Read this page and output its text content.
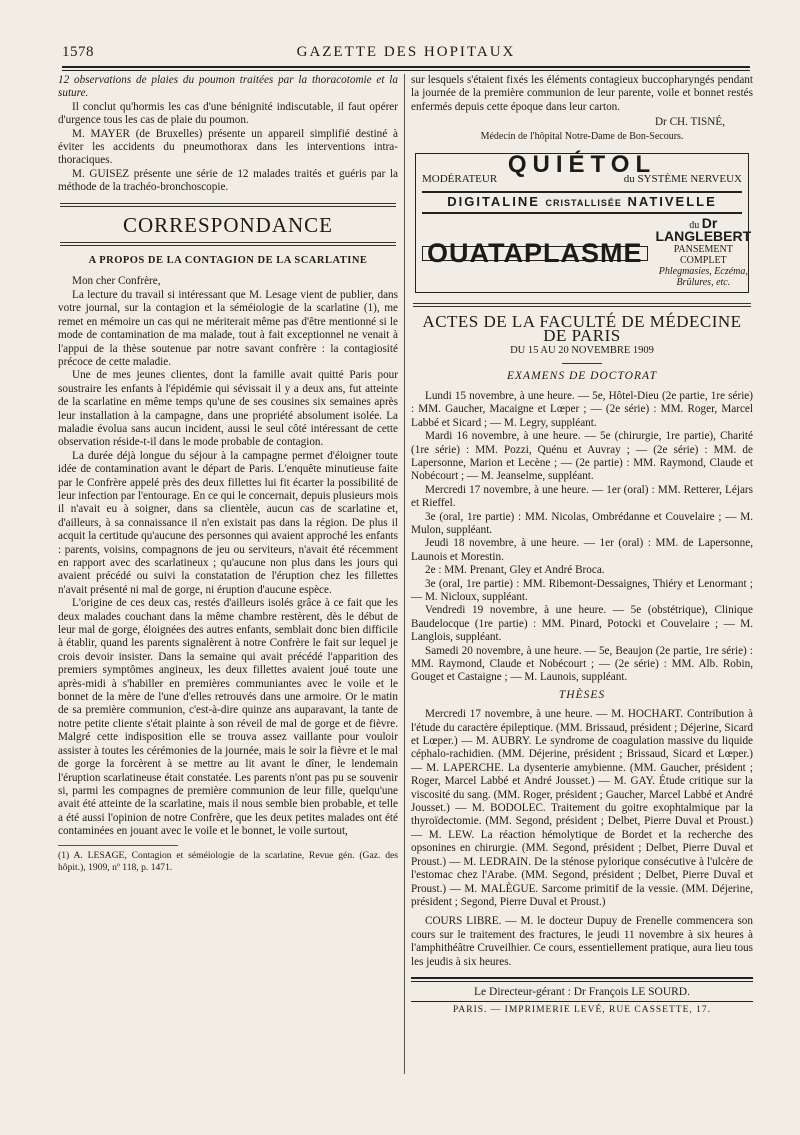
1578	GAZETTE DES HOPITAUX

12 observations de plaies du poumon traitées par la thoracotomie et la suture.

Il conclut qu'hormis les cas d'une bénignité indiscutable, il faut opérer d'urgence tous les cas de plaie du poumon.

M. MAYER (de Bruxelles) présente un appareil simplifié destiné à éviter les accidents du pneumothorax dans les interventions intra-thoraciques.

M. GUISEZ présente une série de 12 malades traités et guéris par la méthode de la trachéo-bronchoscopie.

CORRESPONDANCE
A PROPOS DE LA CONTAGION DE LA SCARLATINE

Mon cher Confrère,

La lecture du travail si intéressant que M. Lesage vient de publier, dans votre journal, sur la contagion et la séméiologie de la scarlatine (1), me remet en mémoire un cas qui ne mériterait même pas d'être mentionné si le mode de contamination de ma malade, tout à fait exceptionnel ne venait à l'appui de la thèse soutenue par notre savant confrère : la contagiosité précoce de cette maladie.

Une de mes jeunes clientes, dont la famille avait quitté Paris pour soustraire les enfants à l'épidémie qui sévissait il y a deux ans, fut atteinte de la scarlatine en même temps qu'une de ses cousines six semaines après leur installation à la campagne, dans une propriété absolument isolée. La maladie évolua sans aucun incident, aussi le seul côté intéressant de cette observation réside-t-il dans le mode probable de contagion.

La durée déjà longue du séjour à la campagne permet d'éloigner toute idée de contamination avant le départ de Paris. L'enquête minutieuse faite par le Confrère appelé près des deux fillettes lui fit écarter la possibilité de leur infection par l'entourage. En ce qui le concernait, depuis plusieurs mois il n'avait eu à soigner, dans sa clientèle, aucun cas de scarlatine et, d'ailleurs, à sa connaissance il n'en existait pas dans la région. De plus il acquit la certitude qu'aucune des personnes qui avaient approché les enfants : parents, voisins, compagnons de jeu ou serviteurs, n'avait été récemment en rapport avec des scarlatineux ; qu'aucune non plus dans les jours qui avaient précédé ou suivi la constatation de l'éruption chez les fillettes n'avait présenté ni mal de gorge, ni éruption d'aucune espèce.

L'origine de ces deux cas, restés d'ailleurs isolés grâce à ce fait que les deux malades couchant dans la même chambre restèrent, dès le début de leur mal de gorge, éloignées des autres enfants, semblait donc bien difficile à établir, quand les parents signalèrent à notre Confrère le fait sur lequel je crois devoir insister. Dans la semaine qui avait précédé l'apparition des premiers symptômes angineux, les deux fillettes avaient joué toute une après-midi à s'habiller en premières communiantes avec le voile et le bonnet de la mère de l'une d'elles retrouvés dans une armoire. Or le matin de sa première communion, c'est-à-dire quinze ans auparavant, la tante de notre petite cliente s'était plainte à son réveil de mal de gorge et de fièvre. Malgré cette indisposition elle se trouva assez vaillante pour vouloir assister à toutes les cérémonies de la journée, mais le soir la fièvre et le mal de gorge la forcèrent à se mettre au lit avant le dîner, le lendemain l'éruption scarlatineuse était constatée. Les parents n'ont pas pu se souvenir si, parmi les compagnes de première communion de leur fille, quelqu'une avait été atteinte de la scarlatine, mais il nous semble bien probable, et telle a été aussi l'opinion de notre Confrère, que les deux petites malades ont été contaminées en jouant avec le voile et le bonnet, le voile surtout,

(1) A. LESAGE, Contagion et séméiologie de la scarlatine, Revue gén. (Gaz. des hôpit.), 1909, nº 118, p. 1471.

sur lesquels s'étaient fixés les éléments contagieux buccopharyngés pendant la journée de la première communion de leur parente, voile et bonnet restés enfermés depuis cette époque dans leur carton.

Dr CH. TISNÉ,

Médecin de l'hôpital Notre-Dame de Bon-Secours.

QUIÉTOL
MODÉRATEUR	du SYSTÈME NERVEUX
DIGITALINE CRISTALLISÉE NATIVELLE
OUATAPLASME
du Dr LANGLEBERT
PANSEMENT COMPLET
Phlegmasies, Eczéma, Brûlures, etc.
ACTES DE LA FACULTÉ DE MÉDECINE DE PARIS
DU 15 AU 20 NOVEMBRE 1909
EXAMENS DE DOCTORAT

Lundi 15 novembre, à une heure. — 5e, Hôtel-Dieu (2e partie, 1re série) : MM. Gaucher, Macaigne et Lœper ; — (2e série) : MM. Roger, Marcel Labbé et Sicard ; — M. Legry, suppléant.

Mardi 16 novembre, à une heure. — 5e (chirurgie, 1re partie), Charité (1re série) : MM. Pozzi, Quénu et Auvray ; — (2e série) : MM. de Lapersonne, Marion et Lecène ; — (2e partie) : MM. Raymond, Claude et Nobécourt ; — M. Jeanselme, suppléant.

Mercredi 17 novembre, à une heure. — 1er (oral) : MM. Retterer, Léjars et Rieffel.

3e (oral, 1re partie) : MM. Nicolas, Ombrédanne et Couvelaire ; — M. Mulon, suppléant.

Jeudi 18 novembre, à une heure. — 1er (oral) : MM. de Lapersonne, Launois et Morestin.

2e : MM. Prenant, Gley et André Broca.

3e (oral, 1re partie) : MM. Ribemont-Dessaignes, Thiéry et Lenormant ; — M. Nicloux, suppléant.

Vendredi 19 novembre, à une heure. — 5e (obstétrique), Clinique Baudelocque (1re partie) : MM. Pinard, Potocki et Couvelaire ; — M. Langlois, suppléant.

Samedi 20 novembre, à une heure. — 5e, Beaujon (2e partie, 1re série) : MM. Raymond, Claude et Nobécourt ; — (2e série) : MM. Alb. Robin, Gouget et Castaigne ; — M. Launois, suppléant.

THÈSES

Mercredi 17 novembre, à une heure. — M. HOCHART. Contribution à l'étude du caractère épileptique. (MM. Brissaud, président ; Déjerine, Sicard et Lœper.) — M. AUBRY. Le syndrome de coagulation massive du liquide céphalo-rachidien. (MM. Déjerine, président ; Brissaud, Sicard et Lœper.) — M. LAPERCHE. La dysenterie amybienne. (MM. Gaucher, président ; Roger, Marcel Labbé et André Jousset.) — M. GAY. Étude critique sur la viscosité du sang. (MM. Roger, président ; Gaucher, Marcel Labbé et André Jousset.) — M. BODOLEC. Traitement du goitre exophtalmique par la thyroïdectomie. (MM. Segond, président ; Delbet, Pierre Duval et Proust.) — M. LEW. La réaction hémolytique de Bordet et la recherche des opsonines en chirurgie. (MM. Segond, président ; Delbet, Pierre Duval et Proust.) — M. LEDRAIN. De la sténose pylorique consécutive à l'ulcère de l'estomac chez l'Arabe. (MM. Segond, président ; Delbet, Pierre Duval et Proust.) — M. MALÈGUE. Sarcome primitif de la vessie. (MM. Déjerine, président ; Segond, Pierre Duval et Proust.)

COURS LIBRE. — M. le docteur Dupuy de Frenelle commencera son cours sur le traitement des fractures, le jeudi 11 novembre à six heures à l'amphithéâtre Cruveilhier. Ce cours, essentiellement pratique, aura lieu tous les jeudis à six heures.

Le Directeur-gérant : Dr François LE SOURD.
PARIS. — IMPRIMERIE LEVÉ, RUE CASSETTE, 17.
